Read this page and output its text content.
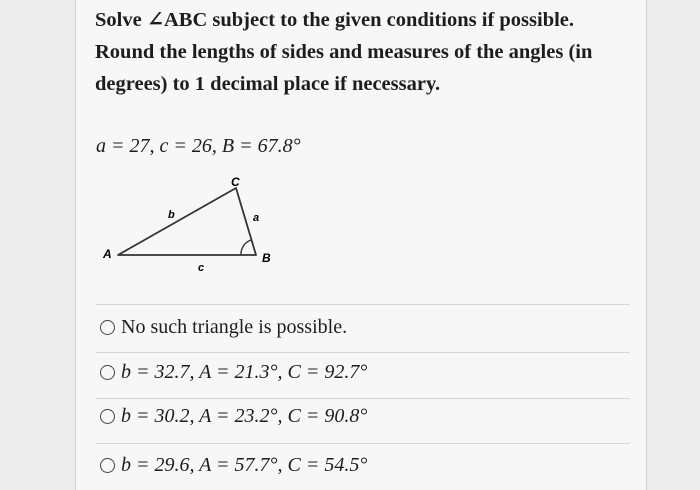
Solve ∠ABC subject to the given conditions if possible.
Round the lengths of sides and measures of the angles (in
degrees) to 1 decimal place if necessary.
a = 27, c = 26, B = 67.8°
A	B
C
a
b
c
No such triangle is possible.
b = 32.7, A = 21.3°, C = 92.7°
b = 30.2, A = 23.2°, C = 90.8°
b = 29.6, A = 57.7°, C = 54.5°
